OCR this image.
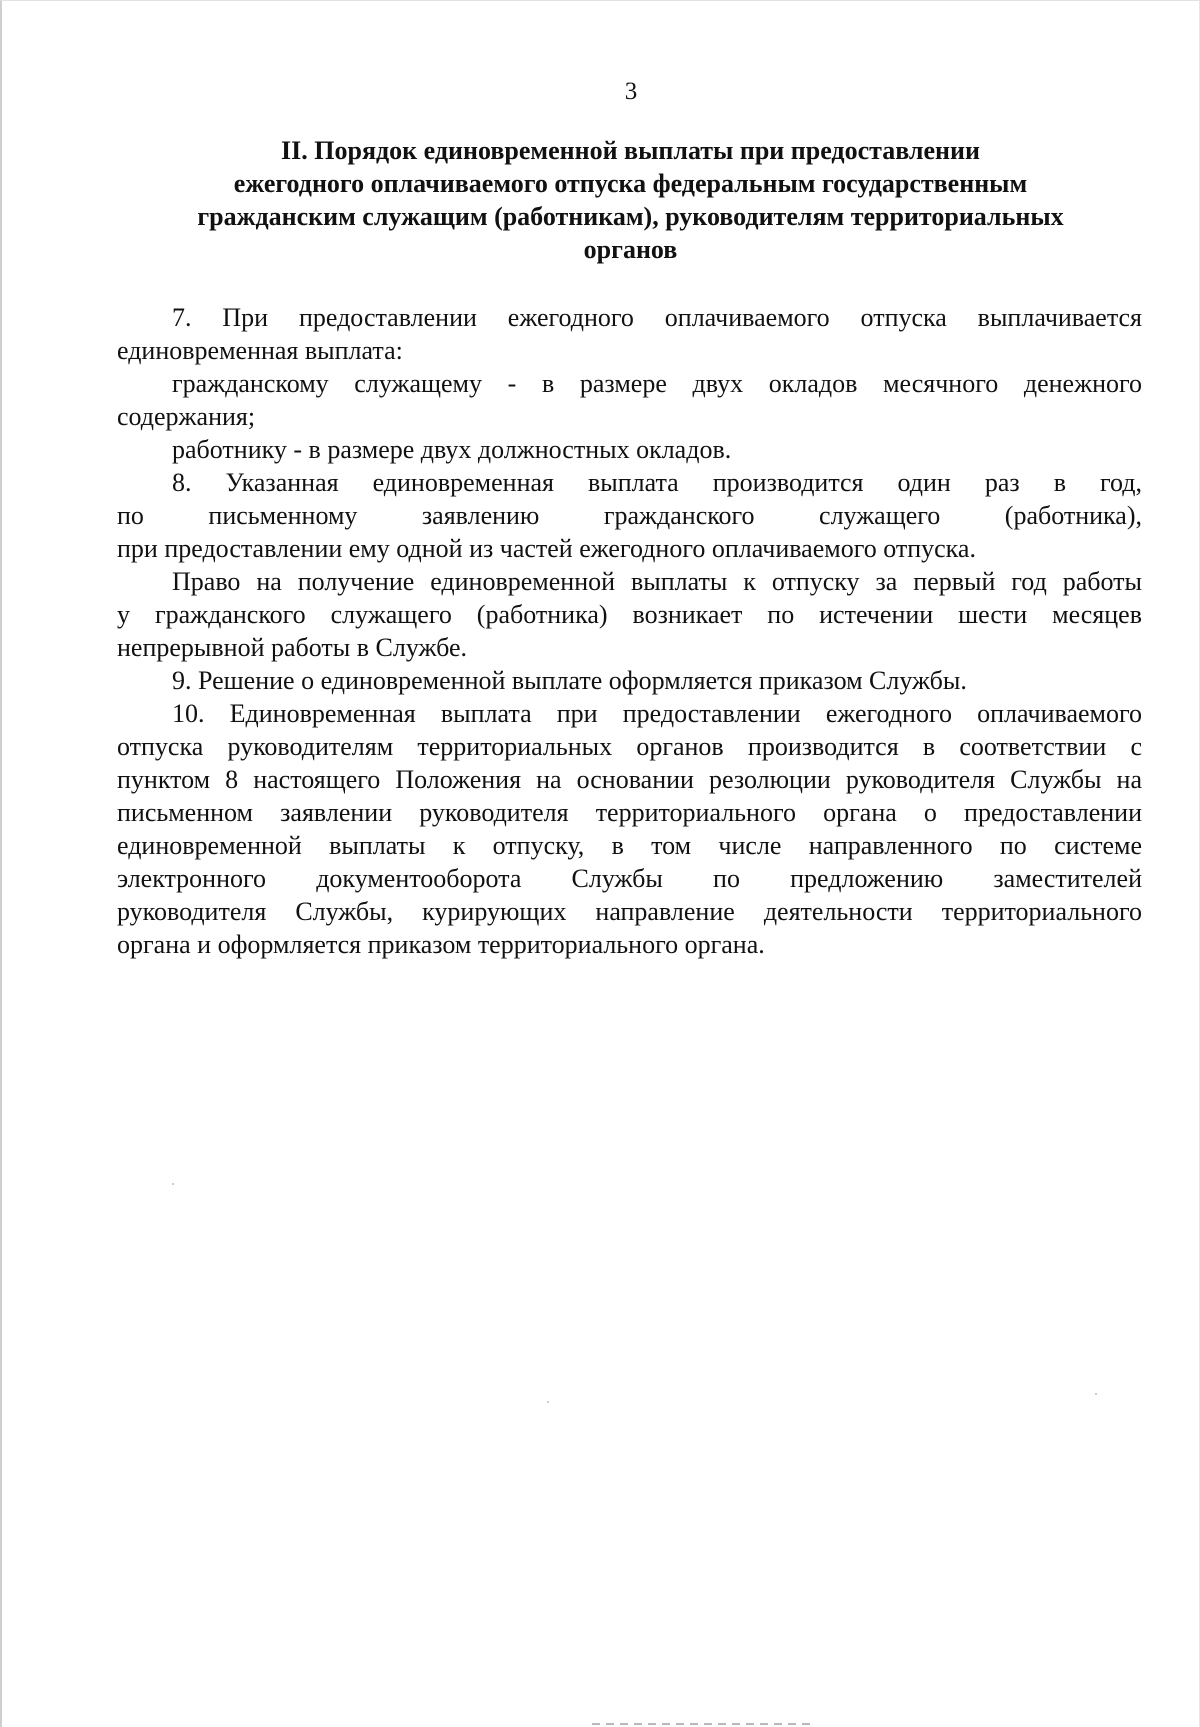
3
II. Порядок единовременной выплаты при предоставлении
ежегодного оплачиваемого отпуска федеральным государственным
гражданским служащим (работникам), руководителям территориальных
органов

7. При предоставлении ежегодного оплачиваемого отпуска выплачивается
единовременная выплата:

гражданскому служащему - в размере двух окладов месячного денежного
содержания;

работнику - в размере двух должностных окладов.

8. Указанная единовременная выплата производится один раз в год,
по письменному заявлению гражданского служащего (работника),
при предоставлении ему одной из частей ежегодного оплачиваемого отпуска.

Право на получение единовременной выплаты к отпуску за первый год работы
у гражданского служащего (работника) возникает по истечении шести месяцев
непрерывной работы в Службе.

9. Решение о единовременной выплате оформляется приказом Службы.

10. Единовременная выплата при предоставлении ежегодного оплачиваемого
отпуска руководителям территориальных органов производится в соответствии с
пунктом 8 настоящего Положения на основании резолюции руководителя Службы на
письменном заявлении руководителя территориального органа о предоставлении
единовременной выплаты к отпуску, в том числе направленного по системе
электронного документооборота Службы по предложению заместителей
руководителя Службы, курирующих направление деятельности территориального
органа и оформляется приказом территориального органа.
